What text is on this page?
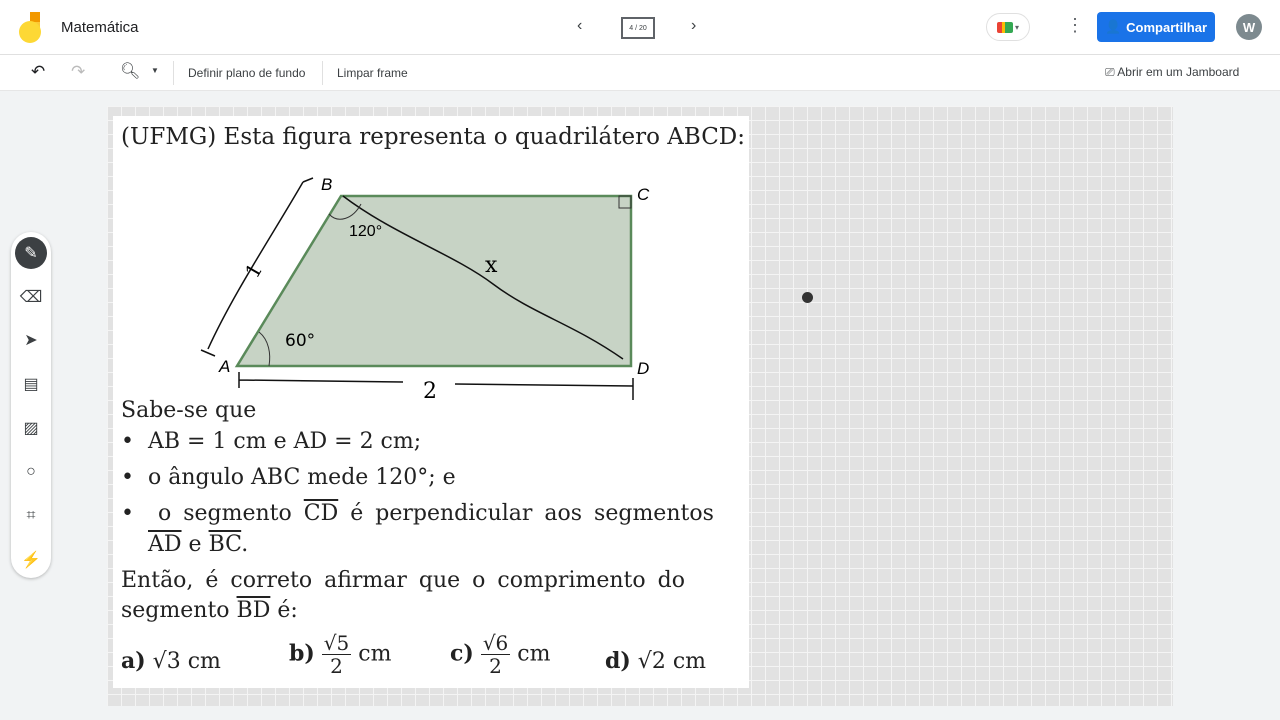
Matemática	‹	4 / 20	›	▾	⋮ 👤 Compartilhar	W
↶ ↷ 🔍︎ ▼ Definir plano de fundo	Limpar frame	⎚ Abrir em um Jamboard
(UFMG) Esta figura representa o quadrilátero ABCD:
B
C
A	D
120°
60°
1
2
x
Sabe-se que
•  AB = 1 cm e AD = 2 cm;
•  o ângulo ABC mede 120°; e
•  o segmento $\overline{CD}$ é perpendicular aos segmentos
$\overline{AD}$ e $\overline{BC}$.
Então, é correto afirmar que o comprimento do
segmento $\overline{BD}$ é:
a) √3 cm	$b) \frac{√5}{2}$ cm	$c) \frac{√6}{2}$ cm d) √2 cm
✎
⌫
➤
▤
▨
○
⌗
⚡
